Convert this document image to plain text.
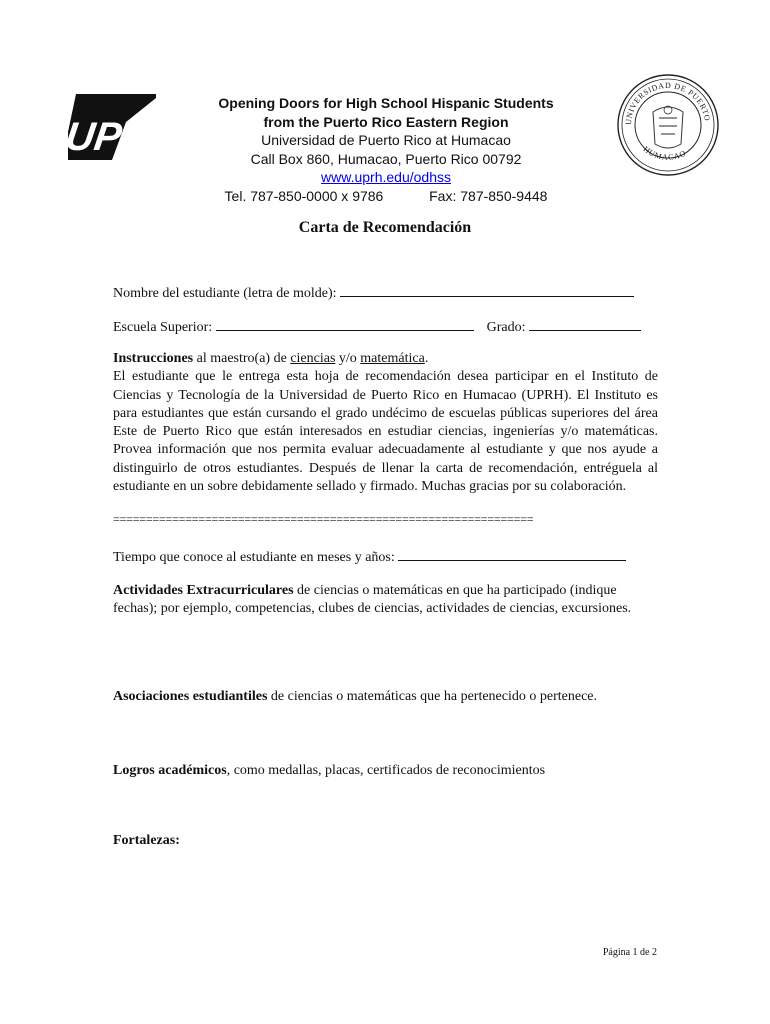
UPR	UNIVERSIDAD DE PUERTO
HUMACAO
Opening Doors for High School Hispanic Students
from the Puerto Rico Eastern Region
Universidad de Puerto Rico at Humacao
Call Box 860, Humacao, Puerto Rico 00792
www.uprh.edu/odhss
Tel. 787-850-0000 x 9786	Fax: 787-850-9448
Carta de Recomendación
Nombre del estudiante (letra de molde):
Escuela Superior:	Grado:

Instrucciones al maestro(a) de ciencias y/o matemática.

El estudiante que le entrega esta hoja de recomendación desea participar en el Instituto de Ciencias y Tecnología de la Universidad de Puerto Rico en Humacao (UPRH). El Instituto es para estudiantes que están cursando el grado undécimo de escuelas públicas superiores del área Este de Puerto Rico que están interesados en estudiar ciencias, ingenierías y/o matemáticas. Provea información que nos permita evaluar adecuadamente al estudiante y que nos ayude a distinguirlo de otros estudiantes. Después de llenar la carta de recomendación, entréguela al estudiante en un sobre debidamente sellado y firmado. Muchas gracias por su colaboración.

================================================================
Tiempo que conoce al estudiante en meses y años:
Actividades Extracurriculares de ciencias o matemáticas en que ha participado (indique fechas); por ejemplo, competencias, clubes de ciencias, actividades de ciencias, excursiones.
Asociaciones estudiantiles de ciencias o matemáticas que ha pertenecido o pertenece.
Logros académicos, como medallas, placas, certificados de reconocimientos
Fortalezas:
Página 1 de 2
